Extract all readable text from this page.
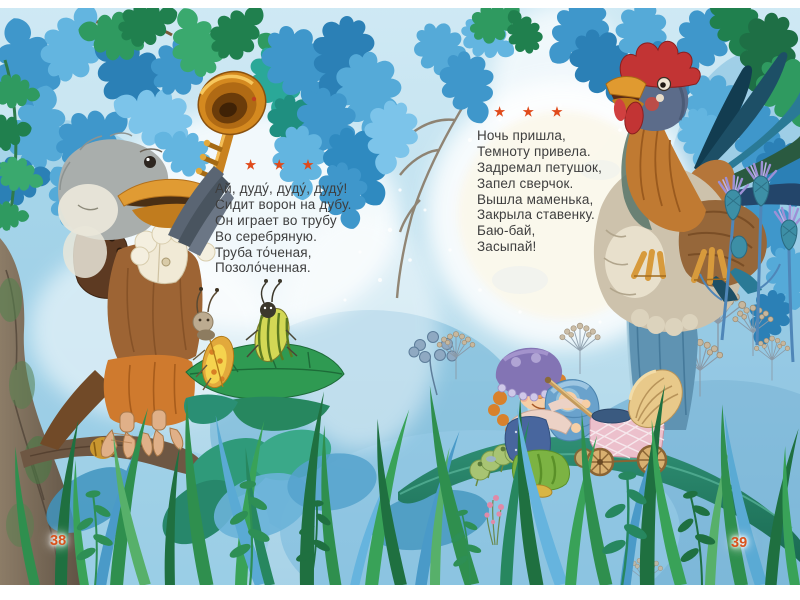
★ ★ ★
Ай, дуду́, дуду́, дуду́!
Сидит ворон на дубу.
Он играет во трубу
Во серебряную.
Труба то́ченая,
Позоло́ченная.
★ ★ ★
Ночь пришла,
Темноту привела.
Задремал петушок,
Запел сверчок.
Вышла маменька,
Закрыла ставенку.
Баю-бай,
Засыпай!
38	39
